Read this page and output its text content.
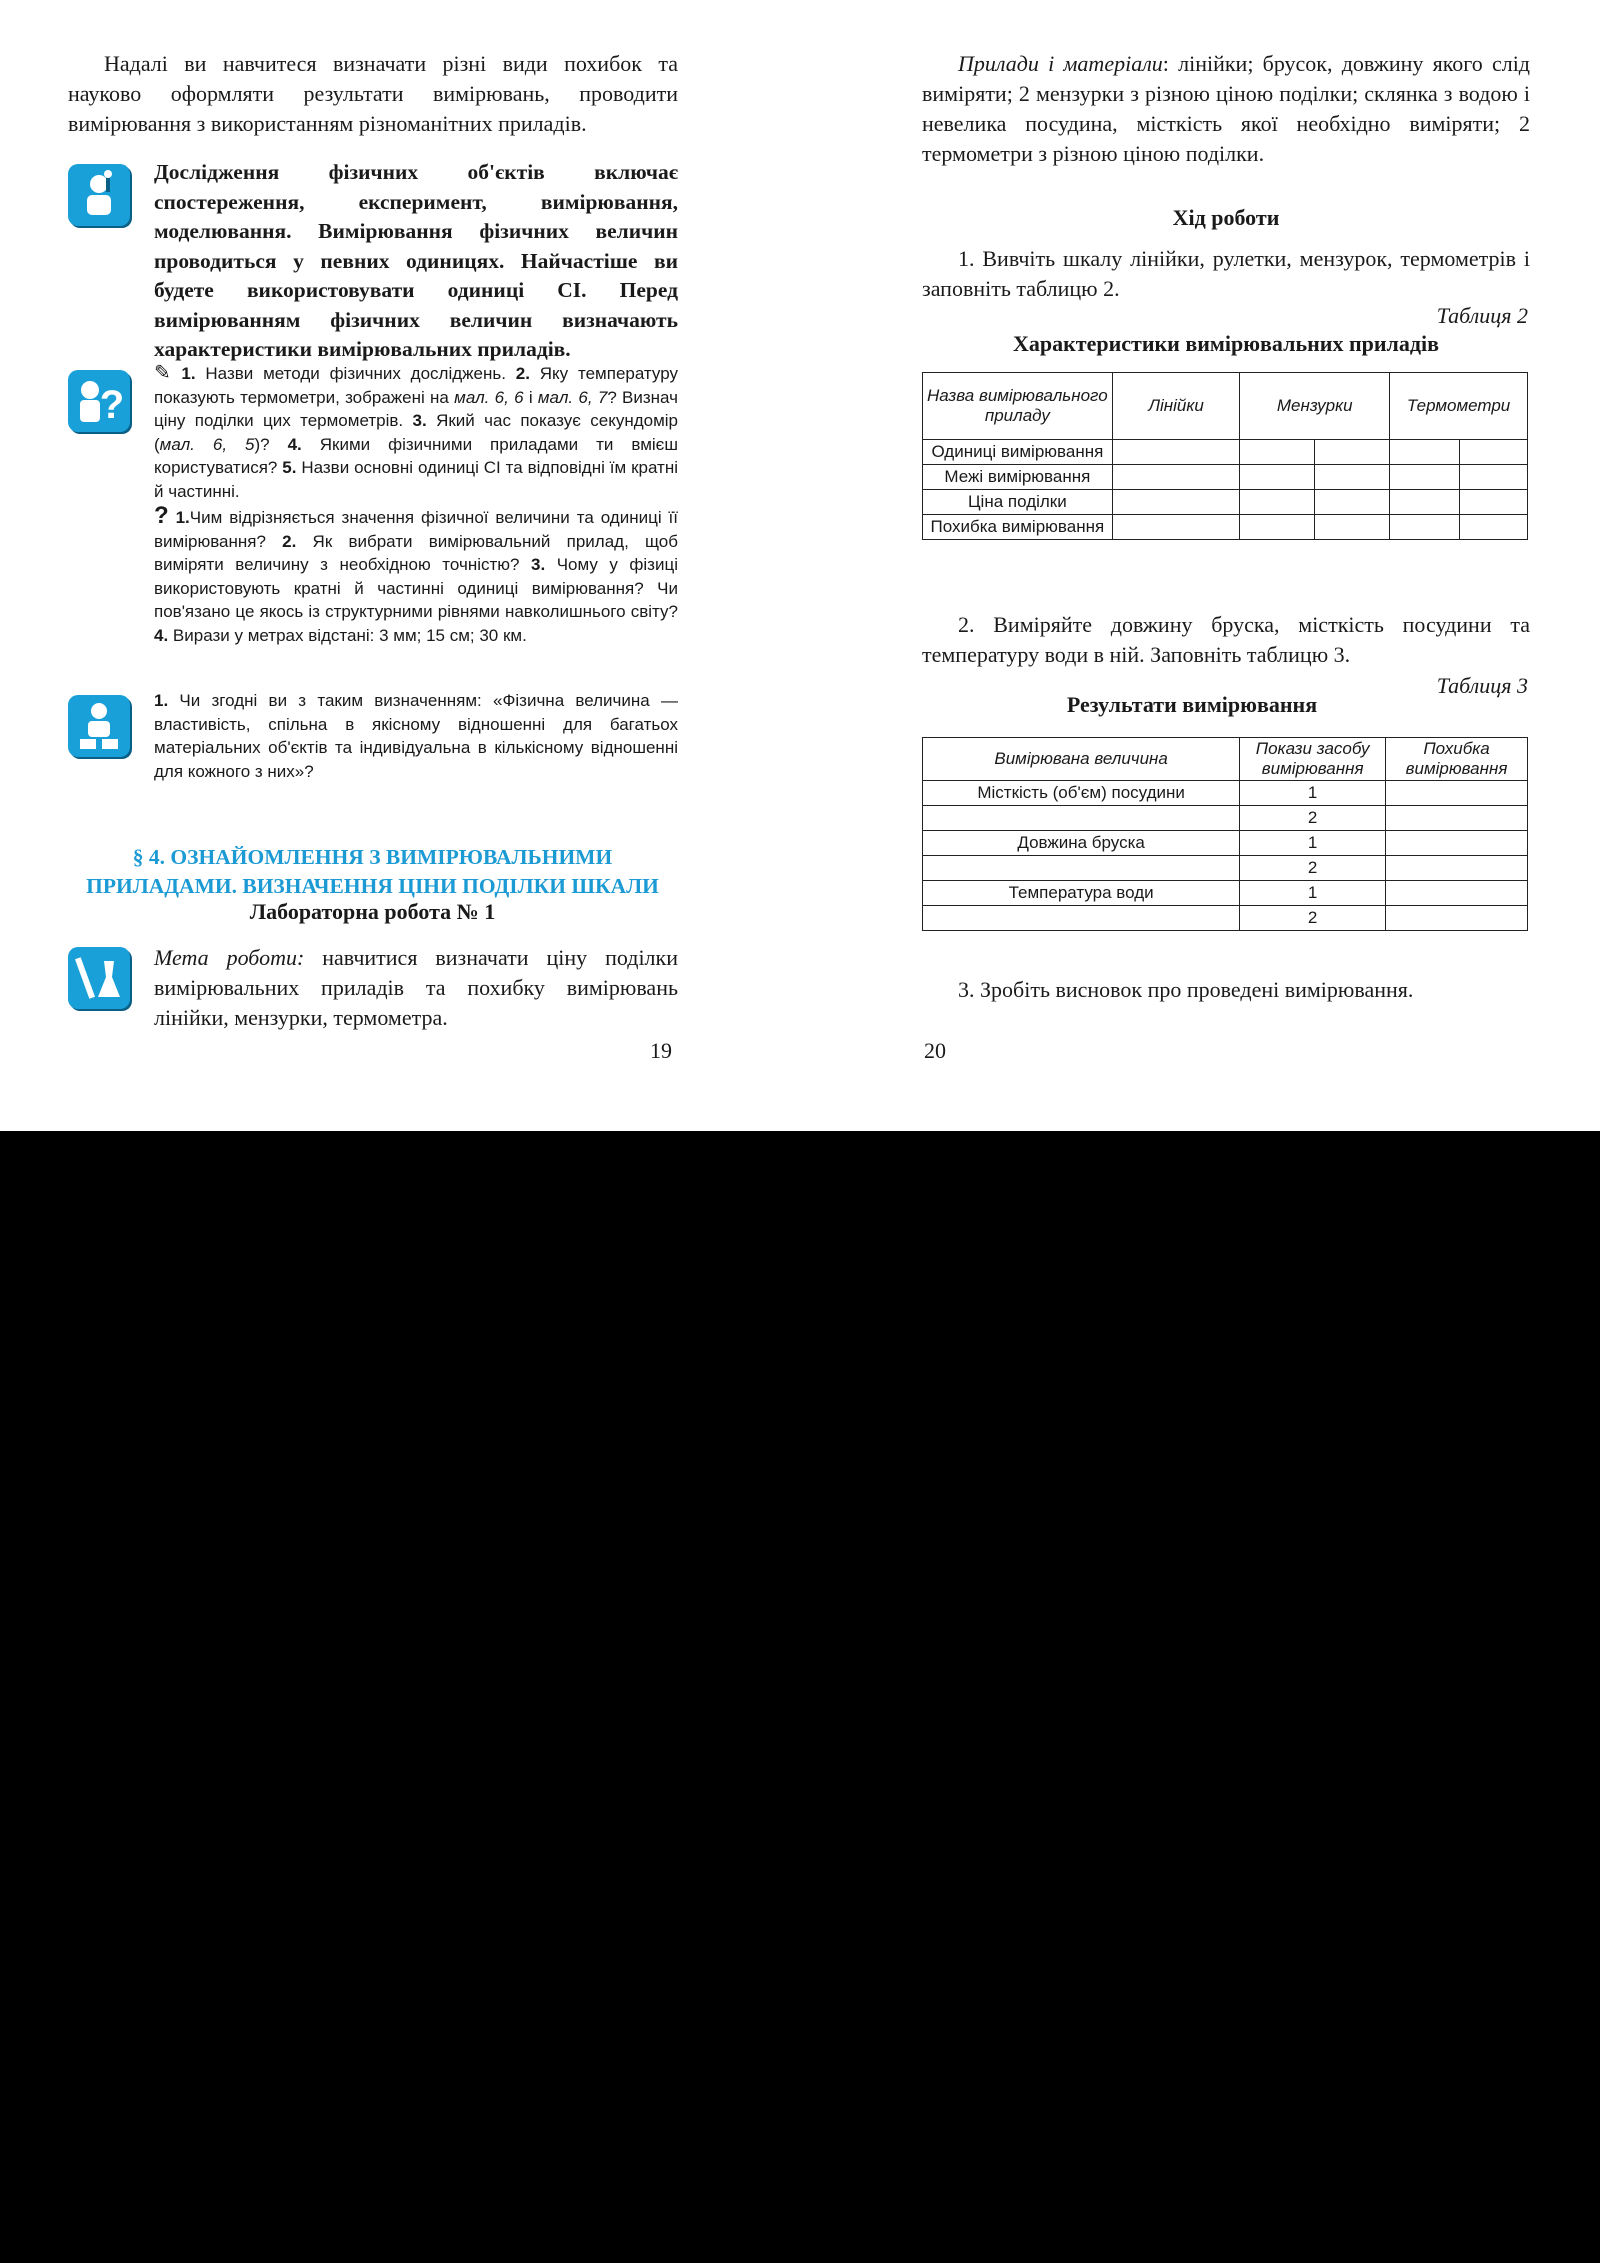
Надалі ви навчитеся визначати різні види похибок та науково оформляти результати вимірювань, проводити вимірювання з використанням різноманітних приладів.

Дослідження фізичних об'єктів включає спостереження, експеримент, вимірювання, моделювання. Вимірювання фізичних величин проводиться у певних одиницях. Найчастіше ви будете використовувати одиниці СІ. Перед вимірюванням фізичних величин визначають характеристики вимірювальних приладів.

?

✎ 1. Назви методи фізичних досліджень. 2. Яку температуру показують термометри, зображені на мал. 6, 6 і мал. 6, 7? Визнач ціну поділки цих термометрів. 3. Який час показує секундомір (мал. 6, 5)? 4. Якими фізичними приладами ти вмієш користуватися? 5. Назви основні одиниці СІ та відповідні їм кратні й частинні.

? 1.Чим відрізняється значення фізичної величини та одиниці її вимірювання? 2. Як вибрати вимірювальний прилад, щоб виміряти величину з необхідною точністю? 3. Чому у фізиці використовують кратні й частинні одиниці вимірювання? Чи пов'язано це якось із структурними рівнями навколишнього світу? 4. Вирази у метрах відстані: 3 мм; 15 см; 30 км.

1. Чи згодні ви з таким визначенням: «Фізична величина — властивість, спільна в якісному відношенні для багатьох матеріальних об'єктів та індивідуальна в кількісному відношенні для кожного з них»?

§ 4. ОЗНАЙОМЛЕННЯ З ВИМІРЮВАЛЬНИМИ ПРИЛАДАМИ. ВИЗНАЧЕННЯ ЦІНИ ПОДІЛКИ ШКАЛИ
Лабораторна робота № 1

Мета роботи: навчитися визначати ціну поділки вимірювальних приладів та похибку вимірювань лінійки, мензурки, термометра.

19

Прилади і матеріали: лінійки; брусок, довжину якого слід виміряти; 2 мензурки з різною ціною поділки; склянка з водою і невелика посудина, місткість якої необхідно виміряти; 2 термометри з різною ціною поділки.

Хід роботи

1. Вивчіть шкалу лінійки, рулетки, мензурок, термометрів і заповніть таблицю 2.

Таблиця 2
Характеристики вимірювальних приладів
Назва вимірювального приладу	Лінійки	Мензурки		Термометри	
Одиниці вимірювання					
Межі вимірювання					
Ціна поділки					
Похибка вимірювання					

2. Виміряйте довжину бруска, місткість посудини та температуру води в ній. Заповніть таблицю 3.

Таблиця 3
Результати вимірювання
Вимірювана величина	Покази засобу вимірювання	Похибка вимірювання
Місткість (об'єм) посудини	1	
	2	
Довжина бруска	1	
	2	
Температура води	1	
	2	

3. Зробіть висновок про проведені вимірювання.

20
